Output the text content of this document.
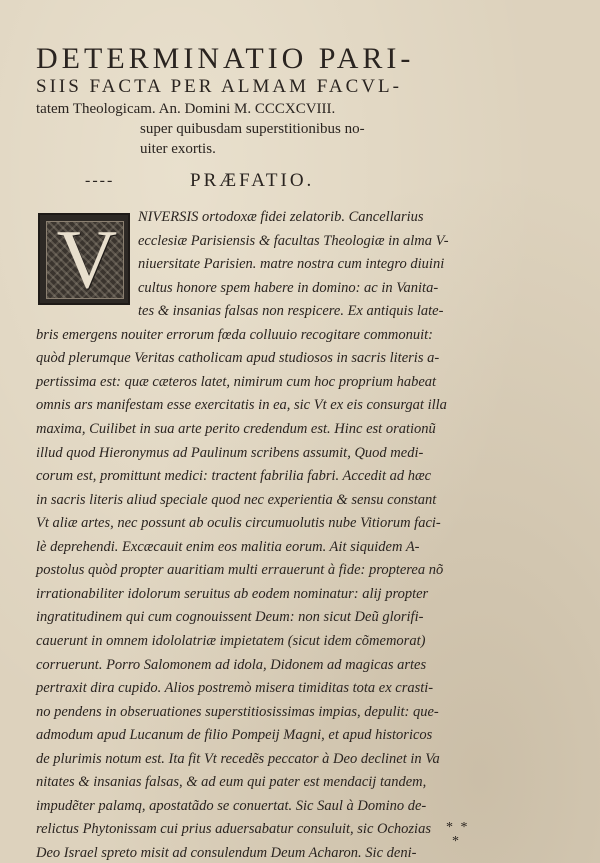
DETERMINATIO PARI-
SIIS FACTA PER ALMAM FACVL-
tatem Theologicam. An. Domini M. CCCXCVIII.
super quibusdam superstitionibus no-
uiter exortis.
----	PRÆFATIO.
V	NIVERSIS ortodoxæ fidei zelatorib. Cancellarius
ecclesiæ Parisiensis & facultas Theologiæ in alma V-
niuersitate Parisien. matre nostra cum integro diuini
cultus honore spem habere in domino: ac in Vanita-
tes & insanias falsas non respicere. Ex antiquis late-
bris emergens nouiter errorum fœda colluuio recogitare commonuit:
quòd plerumque Veritas catholicam apud studiosos in sacris literis a-
pertissima est: quæ cæteros latet, nimirum cum hoc proprium habeat
omnis ars manifestam esse exercitatis in ea, sic Vt ex eis consurgat illa
maxima, Cuilibet in sua arte perito credendum est. Hinc est orationũ
illud quod Hieronymus ad Paulinum scribens assumit, Quod medi-
corum est, promittunt medici: tractent fabrilia fabri. Accedit ad hæc
in sacris literis aliud speciale quod nec experientia & sensu constant
Vt aliæ artes, nec possunt ab oculis circumuolutis nube Vitiorum faci-
lè deprehendi. Excæcauit enim eos malitia eorum. Ait siquidem A-
postolus quòd propter auaritiam multi errauerunt à fide: propterea nõ
irrationabiliter idolorum seruitus ab eodem nominatur: alij propter
ingratitudinem qui cum cognouissent Deum: non sicut Deũ glorifi-
cauerunt in omnem idololatriæ impietatem (sicut idem cõmemorat)
corruerunt. Porro Salomonem ad idola, Didonem ad magicas artes
pertraxit dira cupido. Alios postremò misera timiditas tota ex crasti-
no pendens in obseruationes superstitiosissimas impias, depulit: que-
admodum apud Lucanum de filio Pompeij Magni, et apud historicos
de plurimis notum est. Ita fit Vt recedẽs peccator à Deo declinet in Va
nitates & insanias falsas, & ad eum qui pater est mendacij tandem,
impudẽter palamq, apostatãdo se conuertat. Sic Saul à Domino de-
relictus Phytonissam cui prius aduersabatur consuluit, sic Ochozias
Deo Israel spreto misit ad consulendum Deum Acharon. Sic deni-
* *
*
